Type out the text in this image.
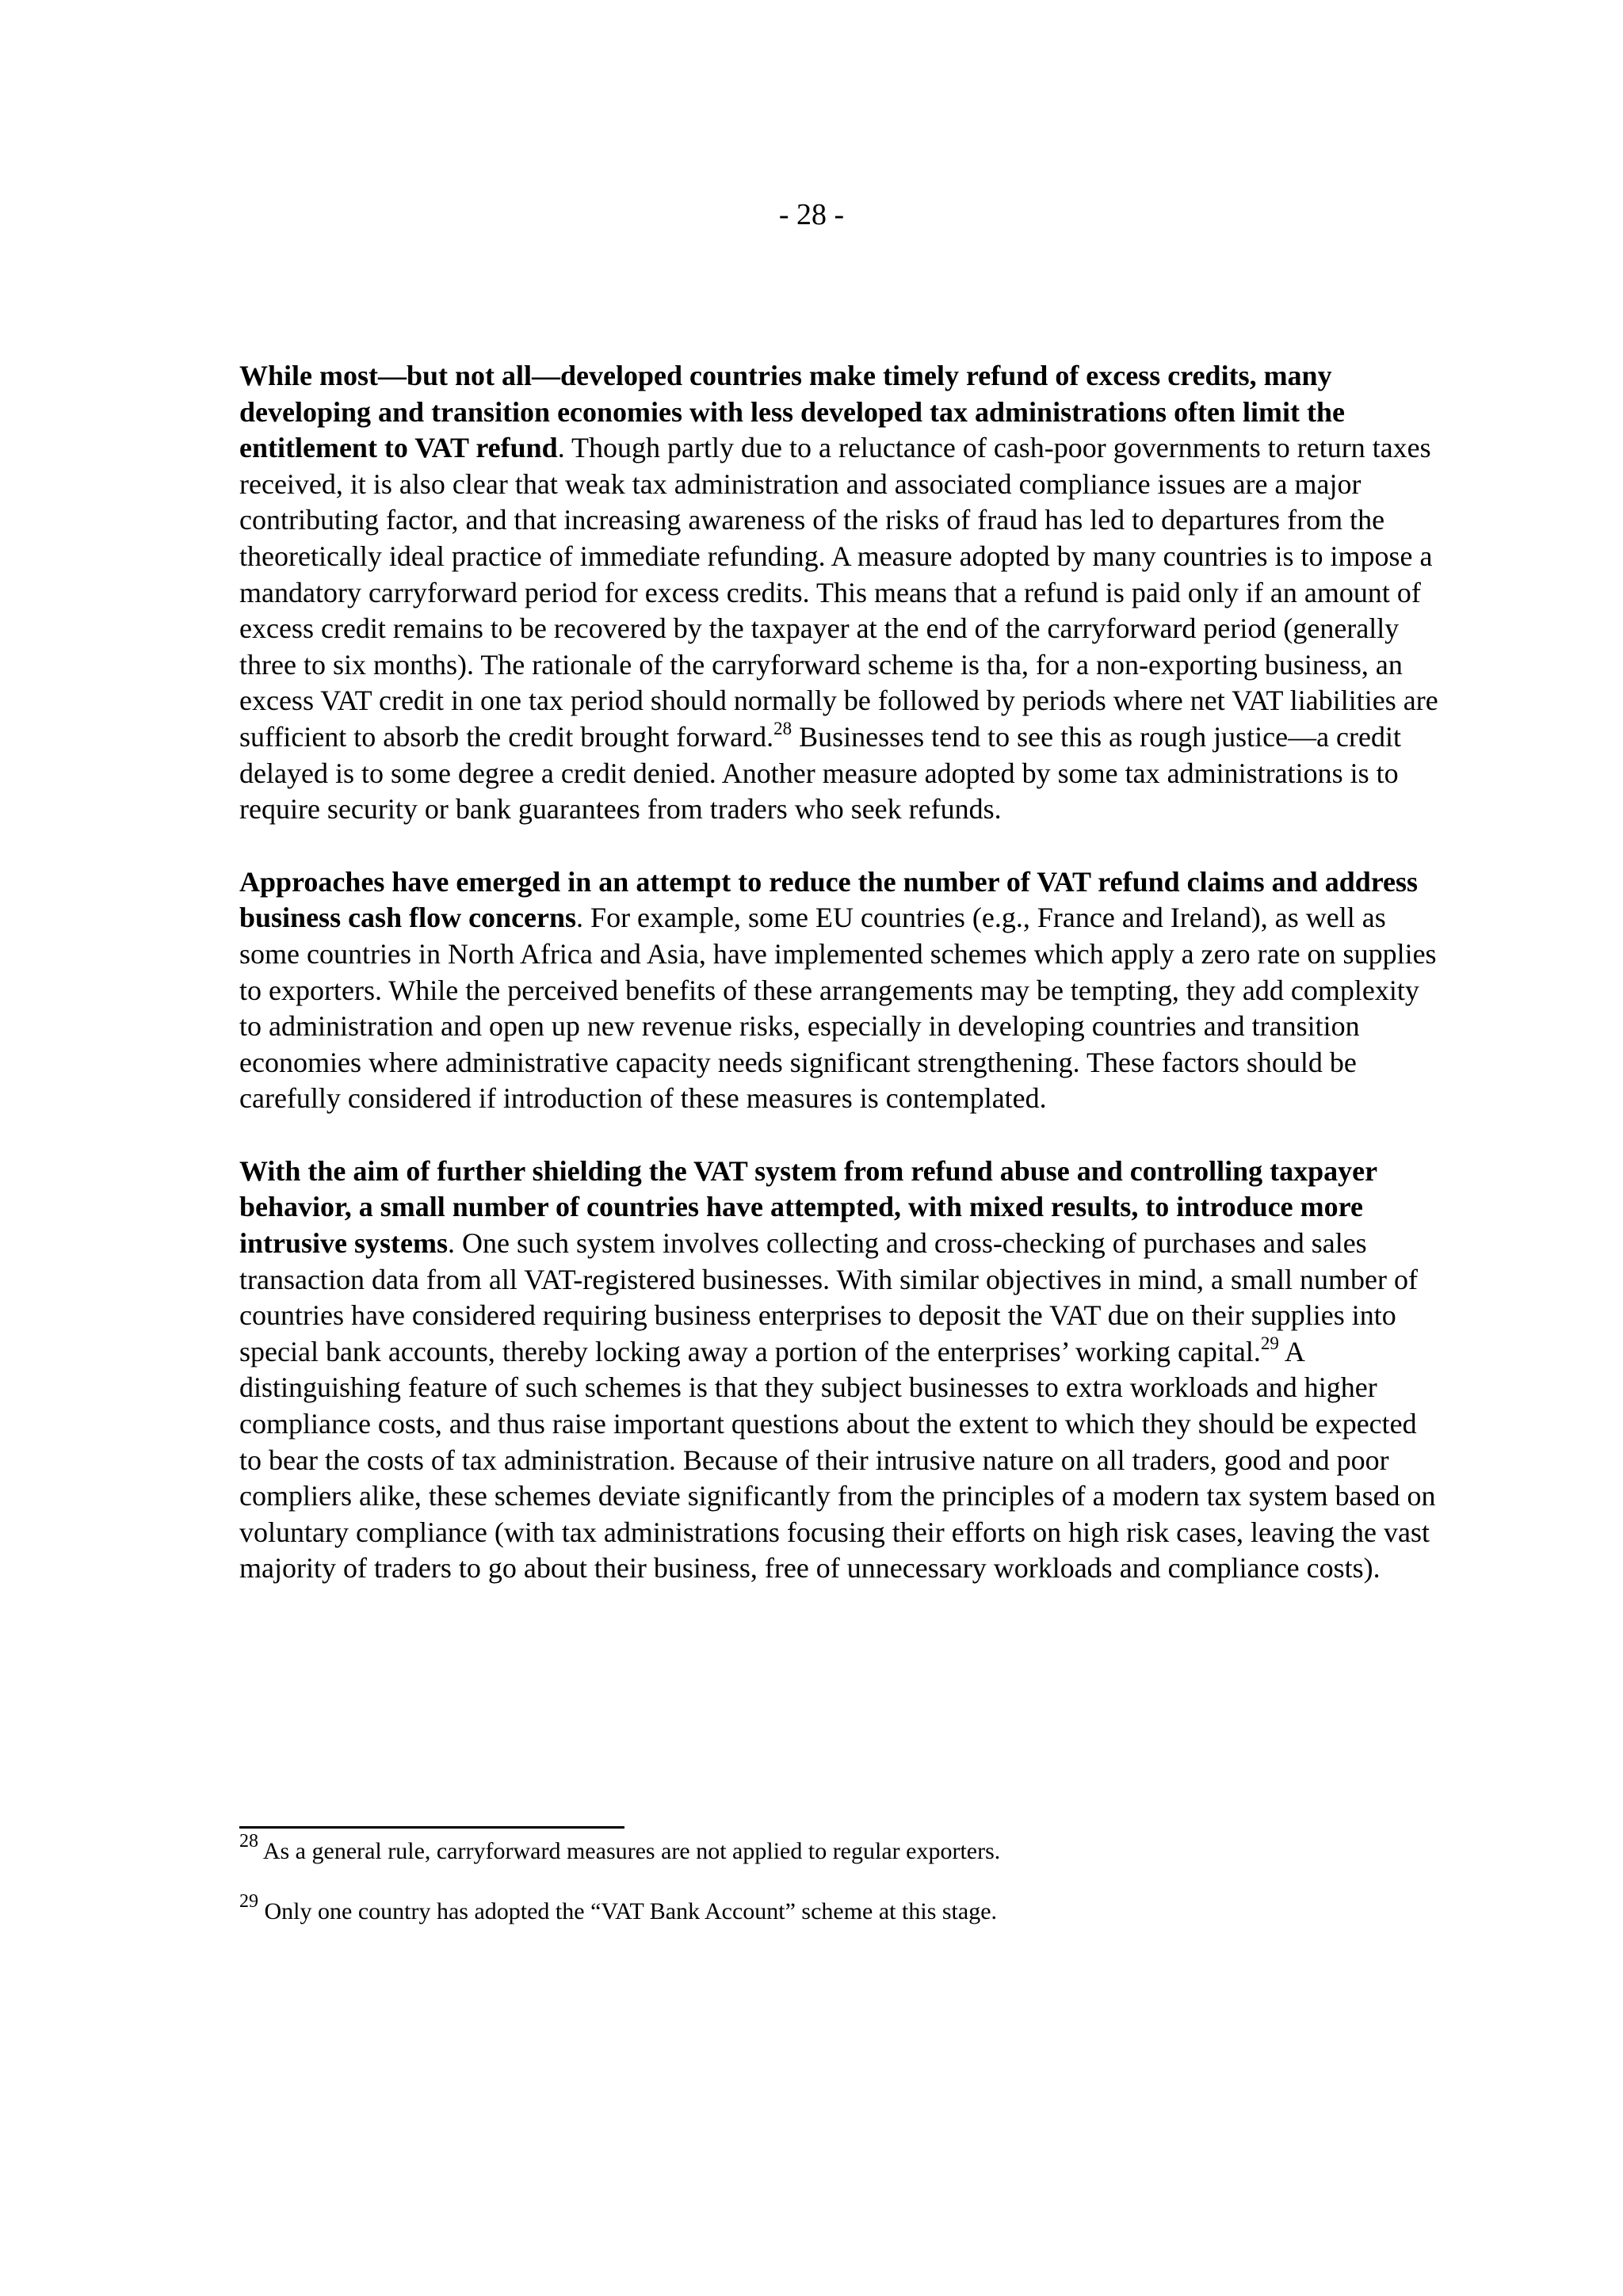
- 28 -

While most—but not all—developed countries make timely refund of excess credits, many developing and transition economies with less developed tax administrations often limit the entitlement to VAT refund. Though partly due to a reluctance of cash-poor governments to return taxes received, it is also clear that weak tax administration and associated compliance issues are a major contributing factor, and that increasing awareness of the risks of fraud has led to departures from the theoretically ideal practice of immediate refunding. A measure adopted by many countries is to impose a mandatory carryforward period for excess credits. This means that a refund is paid only if an amount of excess credit remains to be recovered by the taxpayer at the end of the carryforward period (generally three to six months). The rationale of the carryforward scheme is tha, for a non-exporting business, an excess VAT credit in one tax period should normally be followed by periods where net VAT liabilities are sufficient to absorb the credit brought forward.$^{28}$ Businesses tend to see this as rough justice—a credit delayed is to some degree a credit denied. Another measure adopted by some tax administrations is to require security or bank guarantees from traders who seek refunds.

Approaches have emerged in an attempt to reduce the number of VAT refund claims and address business cash flow concerns. For example, some EU countries (e.g., France and Ireland), as well as some countries in North Africa and Asia, have implemented schemes which apply a zero rate on supplies to exporters. While the perceived benefits of these arrangements may be tempting, they add complexity to administration and open up new revenue risks, especially in developing countries and transition economies where administrative capacity needs significant strengthening. These factors should be carefully considered if introduction of these measures is contemplated.

With the aim of further shielding the VAT system from refund abuse and controlling taxpayer behavior, a small number of countries have attempted, with mixed results, to introduce more intrusive systems. One such system involves collecting and cross-checking of purchases and sales transaction data from all VAT-registered businesses. With similar objectives in mind, a small number of countries have considered requiring business enterprises to deposit the VAT due on their supplies into special bank accounts, thereby locking away a portion of the enterprises’ working capital.$^{29}$ A distinguishing feature of such schemes is that they subject businesses to extra workloads and higher compliance costs, and thus raise important questions about the extent to which they should be expected to bear the costs of tax administration. Because of their intrusive nature on all traders, good and poor compliers alike, these schemes deviate significantly from the principles of a modern tax system based on voluntary compliance (with tax administrations focusing their efforts on high risk cases, leaving the vast majority of traders to go about their business, free of unnecessary workloads and compliance costs).

$^{28}$ As a general rule, carryforward measures are not applied to regular exporters.

$^{29}$ Only one country has adopted the “VAT Bank Account” scheme at this stage.
